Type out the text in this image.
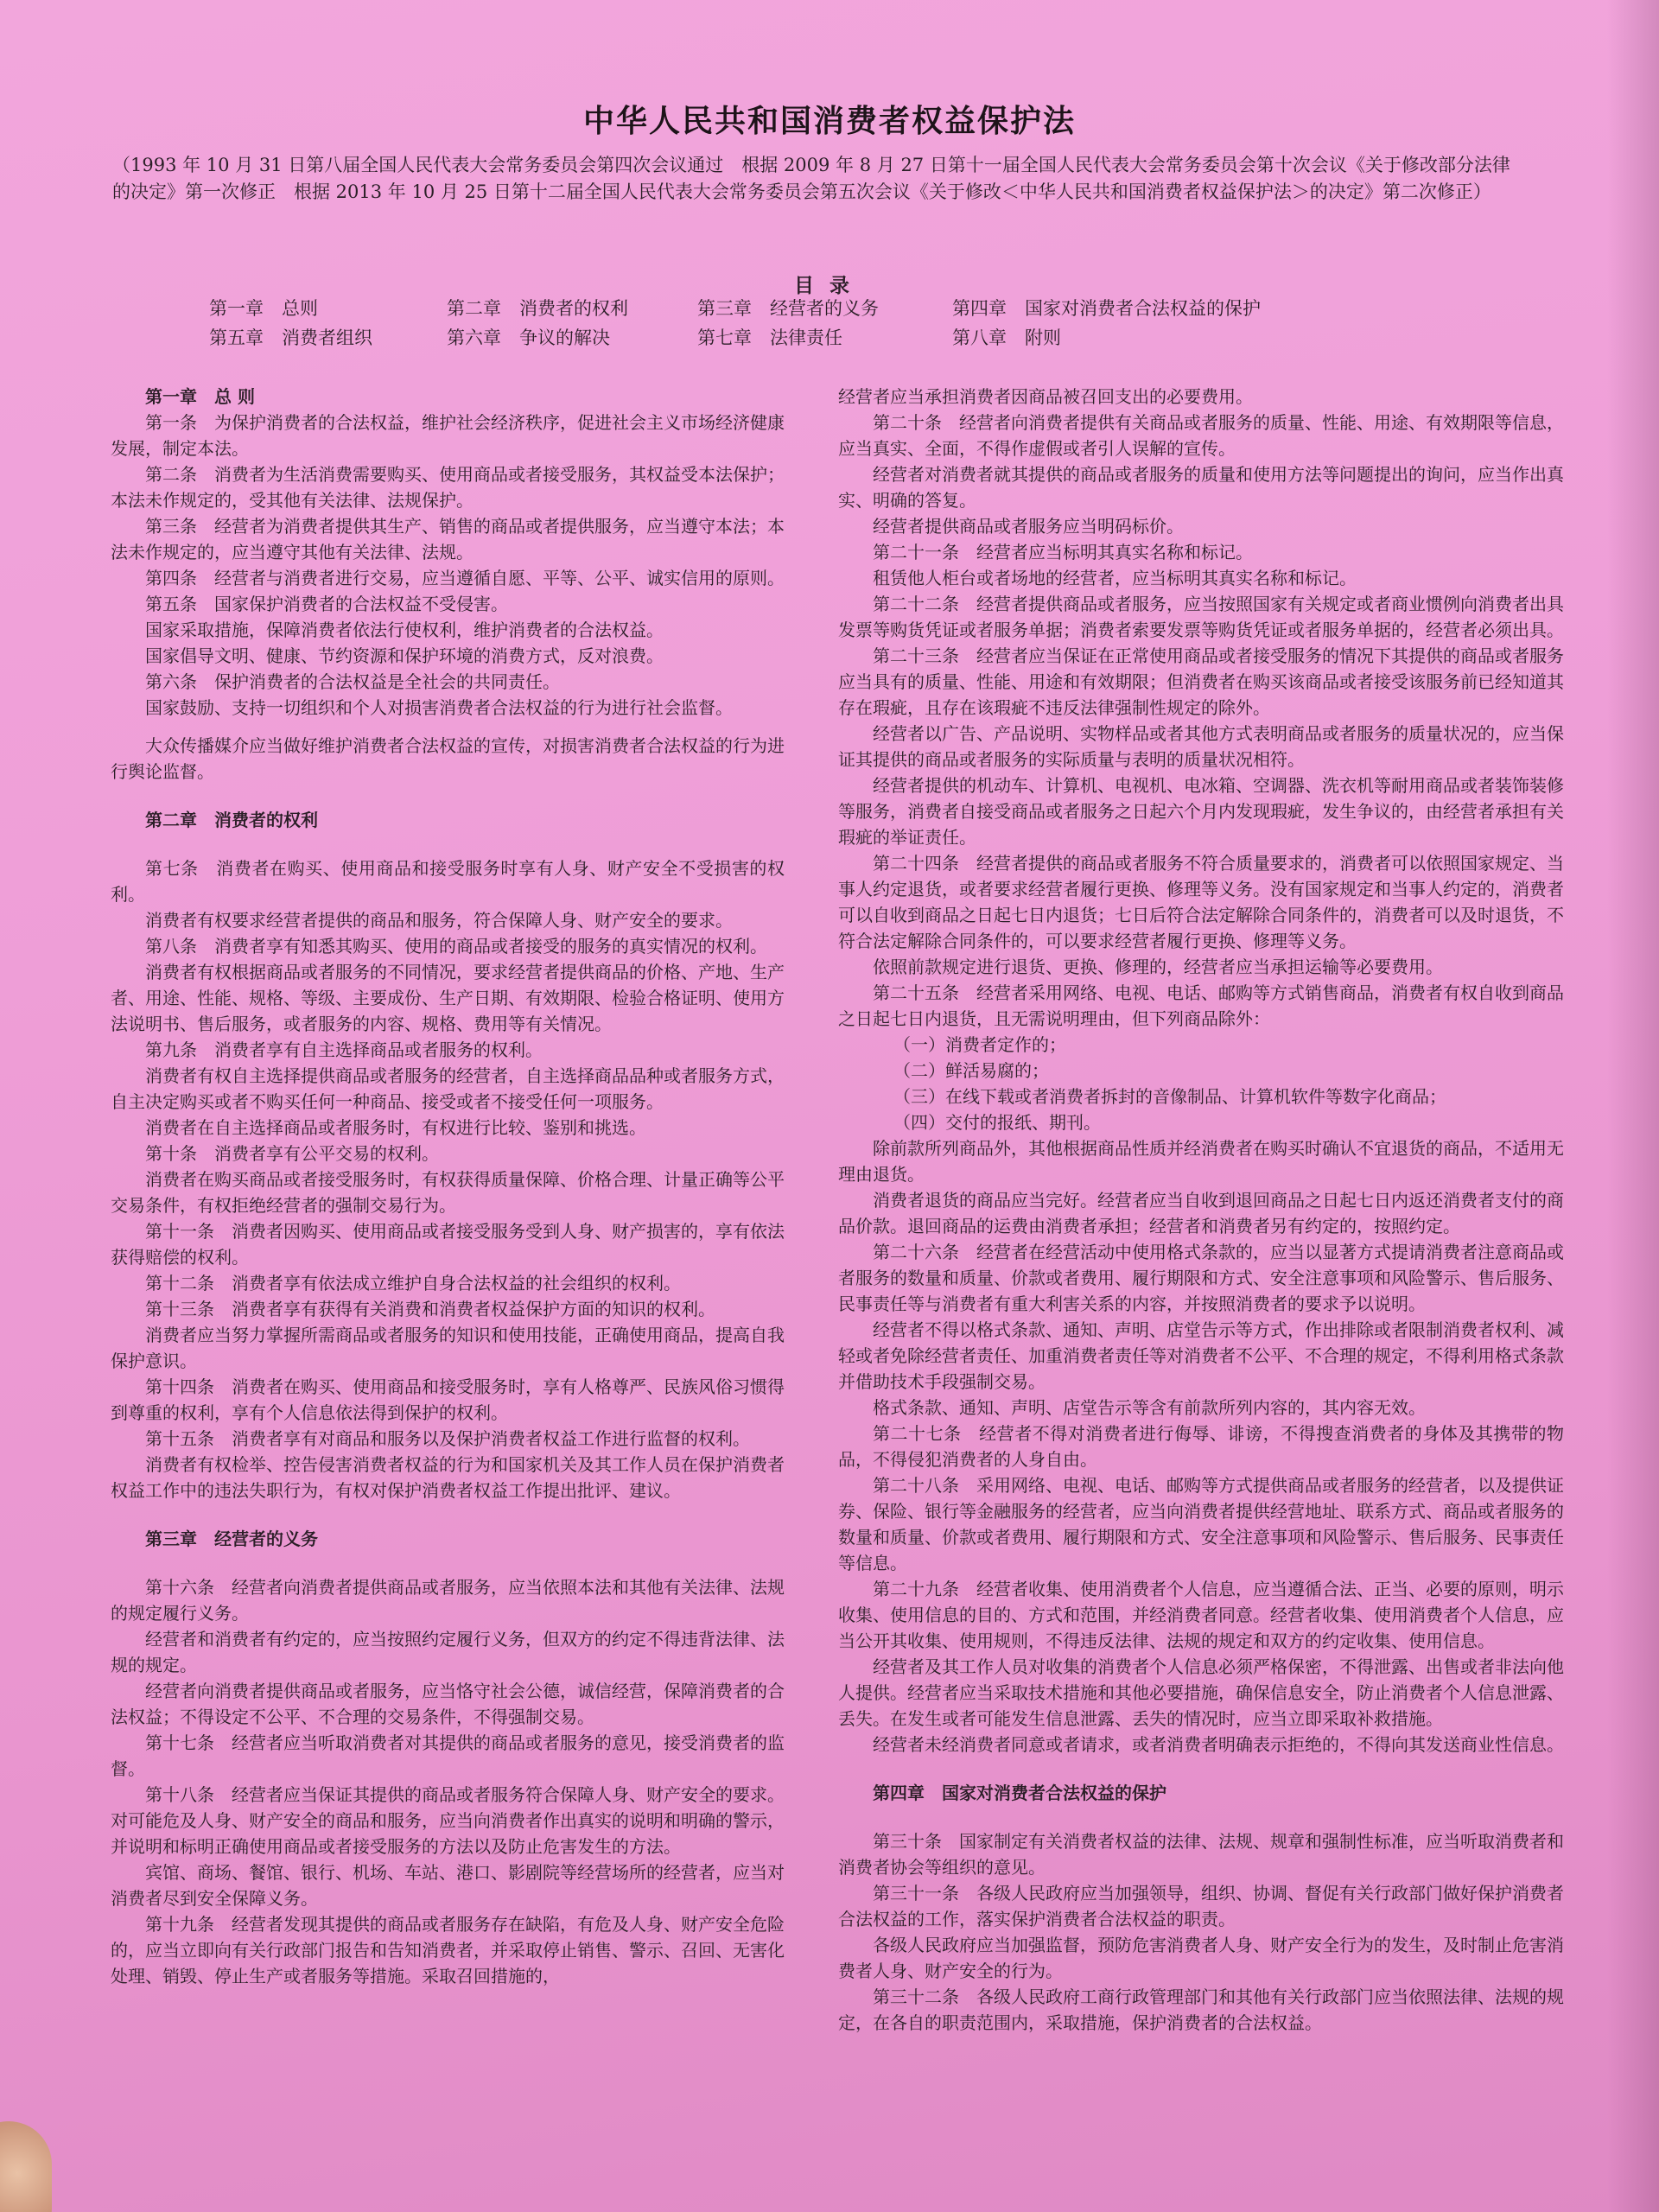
中华人民共和国消费者权益保护法
（1993 年 10 月 31 日第八届全国人民代表大会常务委员会第四次会议通过　根据 2009 年 8 月 27 日第十一届全国人民代表大会常务委员会第十次会议《关于修改部分法律的决定》第一次修正　根据 2013 年 10 月 25 日第十二届全国人民代表大会常务委员会第五次会议《关于修改＜中华人民共和国消费者权益保护法＞的决定》第二次修正）
目录
第一章　总则	第二章　消费者的权利	第三章　经营者的义务	第四章　国家对消费者合法权益的保护
第五章　消费者组织	第六章　争议的解决	第七章　法律责任	第八章　附则

第一章　总 则

第一条　为保护消费者的合法权益，维护社会经济秩序，促进社会主义市场经济健康发展，制定本法。

第二条　消费者为生活消费需要购买、使用商品或者接受服务，其权益受本法保护；本法未作规定的，受其他有关法律、法规保护。

第三条　经营者为消费者提供其生产、销售的商品或者提供服务，应当遵守本法；本法未作规定的，应当遵守其他有关法律、法规。

第四条　经营者与消费者进行交易，应当遵循自愿、平等、公平、诚实信用的原则。

第五条　国家保护消费者的合法权益不受侵害。

国家采取措施，保障消费者依法行使权利，维护消费者的合法权益。

国家倡导文明、健康、节约资源和保护环境的消费方式，反对浪费。

第六条　保护消费者的合法权益是全社会的共同责任。

国家鼓励、支持一切组织和个人对损害消费者合法权益的行为进行社会监督。

大众传播媒介应当做好维护消费者合法权益的宣传，对损害消费者合法权益的行为进行舆论监督。

第二章　消费者的权利

第七条　消费者在购买、使用商品和接受服务时享有人身、财产安全不受损害的权利。

消费者有权要求经营者提供的商品和服务，符合保障人身、财产安全的要求。

第八条　消费者享有知悉其购买、使用的商品或者接受的服务的真实情况的权利。

消费者有权根据商品或者服务的不同情况，要求经营者提供商品的价格、产地、生产者、用途、性能、规格、等级、主要成份、生产日期、有效期限、检验合格证明、使用方法说明书、售后服务，或者服务的内容、规格、费用等有关情况。

第九条　消费者享有自主选择商品或者服务的权利。

消费者有权自主选择提供商品或者服务的经营者，自主选择商品品种或者服务方式，自主决定购买或者不购买任何一种商品、接受或者不接受任何一项服务。

消费者在自主选择商品或者服务时，有权进行比较、鉴别和挑选。

第十条　消费者享有公平交易的权利。

消费者在购买商品或者接受服务时，有权获得质量保障、价格合理、计量正确等公平交易条件，有权拒绝经营者的强制交易行为。

第十一条　消费者因购买、使用商品或者接受服务受到人身、财产损害的，享有依法获得赔偿的权利。

第十二条　消费者享有依法成立维护自身合法权益的社会组织的权利。

第十三条　消费者享有获得有关消费和消费者权益保护方面的知识的权利。

消费者应当努力掌握所需商品或者服务的知识和使用技能，正确使用商品，提高自我保护意识。

第十四条　消费者在购买、使用商品和接受服务时，享有人格尊严、民族风俗习惯得到尊重的权利，享有个人信息依法得到保护的权利。

第十五条　消费者享有对商品和服务以及保护消费者权益工作进行监督的权利。

消费者有权检举、控告侵害消费者权益的行为和国家机关及其工作人员在保护消费者权益工作中的违法失职行为，有权对保护消费者权益工作提出批评、建议。

第三章　经营者的义务

第十六条　经营者向消费者提供商品或者服务，应当依照本法和其他有关法律、法规的规定履行义务。

经营者和消费者有约定的，应当按照约定履行义务，但双方的约定不得违背法律、法规的规定。

经营者向消费者提供商品或者服务，应当恪守社会公德，诚信经营，保障消费者的合法权益；不得设定不公平、不合理的交易条件，不得强制交易。

第十七条　经营者应当听取消费者对其提供的商品或者服务的意见，接受消费者的监督。

第十八条　经营者应当保证其提供的商品或者服务符合保障人身、财产安全的要求。对可能危及人身、财产安全的商品和服务，应当向消费者作出真实的说明和明确的警示，并说明和标明正确使用商品或者接受服务的方法以及防止危害发生的方法。

宾馆、商场、餐馆、银行、机场、车站、港口、影剧院等经营场所的经营者，应当对消费者尽到安全保障义务。

第十九条　经营者发现其提供的商品或者服务存在缺陷，有危及人身、财产安全危险的，应当立即向有关行政部门报告和告知消费者，并采取停止销售、警示、召回、无害化处理、销毁、停止生产或者服务等措施。采取召回措施的，

经营者应当承担消费者因商品被召回支出的必要费用。

第二十条　经营者向消费者提供有关商品或者服务的质量、性能、用途、有效期限等信息，应当真实、全面，不得作虚假或者引人误解的宣传。

经营者对消费者就其提供的商品或者服务的质量和使用方法等问题提出的询问，应当作出真实、明确的答复。

经营者提供商品或者服务应当明码标价。

第二十一条　经营者应当标明其真实名称和标记。

租赁他人柜台或者场地的经营者，应当标明其真实名称和标记。

第二十二条　经营者提供商品或者服务，应当按照国家有关规定或者商业惯例向消费者出具发票等购货凭证或者服务单据；消费者索要发票等购货凭证或者服务单据的，经营者必须出具。

第二十三条　经营者应当保证在正常使用商品或者接受服务的情况下其提供的商品或者服务应当具有的质量、性能、用途和有效期限；但消费者在购买该商品或者接受该服务前已经知道其存在瑕疵，且存在该瑕疵不违反法律强制性规定的除外。

经营者以广告、产品说明、实物样品或者其他方式表明商品或者服务的质量状况的，应当保证其提供的商品或者服务的实际质量与表明的质量状况相符。

经营者提供的机动车、计算机、电视机、电冰箱、空调器、洗衣机等耐用商品或者装饰装修等服务，消费者自接受商品或者服务之日起六个月内发现瑕疵，发生争议的，由经营者承担有关瑕疵的举证责任。

第二十四条　经营者提供的商品或者服务不符合质量要求的，消费者可以依照国家规定、当事人约定退货，或者要求经营者履行更换、修理等义务。没有国家规定和当事人约定的，消费者可以自收到商品之日起七日内退货；七日后符合法定解除合同条件的，消费者可以及时退货，不符合法定解除合同条件的，可以要求经营者履行更换、修理等义务。

依照前款规定进行退货、更换、修理的，经营者应当承担运输等必要费用。

第二十五条　经营者采用网络、电视、电话、邮购等方式销售商品，消费者有权自收到商品之日起七日内退货，且无需说明理由，但下列商品除外：

（一）消费者定作的；

（二）鲜活易腐的；

（三）在线下载或者消费者拆封的音像制品、计算机软件等数字化商品；

（四）交付的报纸、期刊。

除前款所列商品外，其他根据商品性质并经消费者在购买时确认不宜退货的商品，不适用无理由退货。

消费者退货的商品应当完好。经营者应当自收到退回商品之日起七日内返还消费者支付的商品价款。退回商品的运费由消费者承担；经营者和消费者另有约定的，按照约定。

第二十六条　经营者在经营活动中使用格式条款的，应当以显著方式提请消费者注意商品或者服务的数量和质量、价款或者费用、履行期限和方式、安全注意事项和风险警示、售后服务、民事责任等与消费者有重大利害关系的内容，并按照消费者的要求予以说明。

经营者不得以格式条款、通知、声明、店堂告示等方式，作出排除或者限制消费者权利、减轻或者免除经营者责任、加重消费者责任等对消费者不公平、不合理的规定，不得利用格式条款并借助技术手段强制交易。

格式条款、通知、声明、店堂告示等含有前款所列内容的，其内容无效。

第二十七条　经营者不得对消费者进行侮辱、诽谤，不得搜查消费者的身体及其携带的物品，不得侵犯消费者的人身自由。

第二十八条　采用网络、电视、电话、邮购等方式提供商品或者服务的经营者，以及提供证券、保险、银行等金融服务的经营者，应当向消费者提供经营地址、联系方式、商品或者服务的数量和质量、价款或者费用、履行期限和方式、安全注意事项和风险警示、售后服务、民事责任等信息。

第二十九条　经营者收集、使用消费者个人信息，应当遵循合法、正当、必要的原则，明示收集、使用信息的目的、方式和范围，并经消费者同意。经营者收集、使用消费者个人信息，应当公开其收集、使用规则，不得违反法律、法规的规定和双方的约定收集、使用信息。

经营者及其工作人员对收集的消费者个人信息必须严格保密，不得泄露、出售或者非法向他人提供。经营者应当采取技术措施和其他必要措施，确保信息安全，防止消费者个人信息泄露、丢失。在发生或者可能发生信息泄露、丢失的情况时，应当立即采取补救措施。

经营者未经消费者同意或者请求，或者消费者明确表示拒绝的，不得向其发送商业性信息。

第四章　国家对消费者合法权益的保护

第三十条　国家制定有关消费者权益的法律、法规、规章和强制性标准，应当听取消费者和消费者协会等组织的意见。

第三十一条　各级人民政府应当加强领导，组织、协调、督促有关行政部门做好保护消费者合法权益的工作，落实保护消费者合法权益的职责。

各级人民政府应当加强监督，预防危害消费者人身、财产安全行为的发生，及时制止危害消费者人身、财产安全的行为。

第三十二条　各级人民政府工商行政管理部门和其他有关行政部门应当依照法律、法规的规定，在各自的职责范围内，采取措施，保护消费者的合法权益。
